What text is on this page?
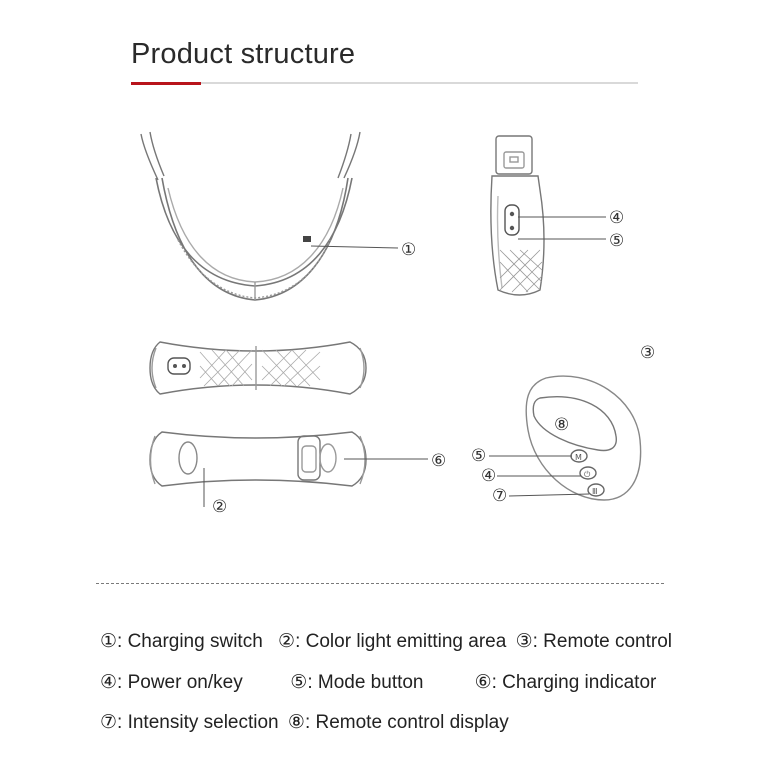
Product structure
M
⏻
Ⅲ
①
④
⑤
③
⑧
⑥ ⑤
④
⑦
②
①: Charging switch ②: Color light emitting area ③: Remote control
④: Power on/key	⑤: Mode button	⑥: Charging indicator
⑦: Intensity selection ⑧: Remote control display
